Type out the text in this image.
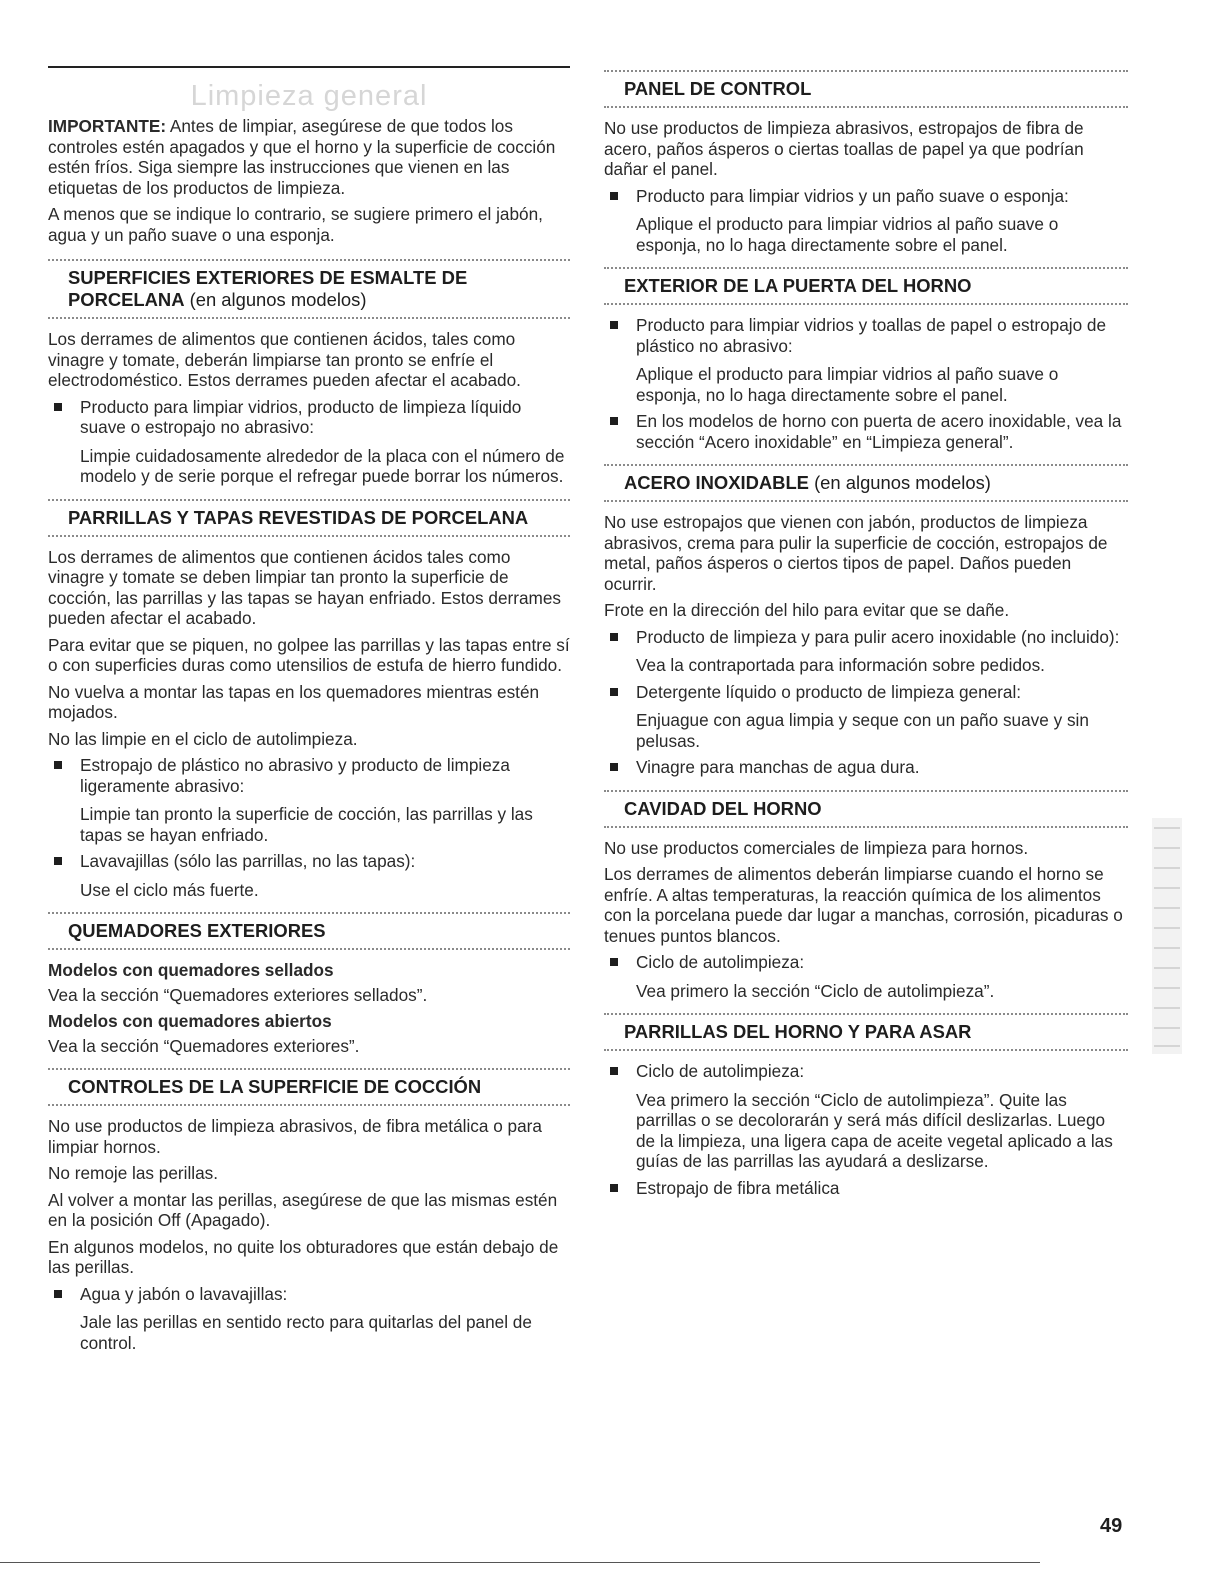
Limpieza general

IMPORTANTE: Antes de limpiar, asegúrese de que todos los controles estén apagados y que el horno y la superficie de cocción estén fríos. Siga siempre las instrucciones que vienen en las etiquetas de los productos de limpieza.

A menos que se indique lo contrario, se sugiere primero el jabón, agua y un paño suave o una esponja.

SUPERFICIES EXTERIORES DE ESMALTE DE PORCELANA (en algunos modelos)

Los derrames de alimentos que contienen ácidos, tales como vinagre y tomate, deberán limpiarse tan pronto se enfríe el electrodoméstico. Estos derrames pueden afectar el acabado.

Producto para limpiar vidrios, producto de limpieza líquido suave o estropajo no abrasivo:
Limpie cuidadosamente alrededor de la placa con el número de modelo y de serie porque el refregar puede borrar los números.
PARRILLAS Y TAPAS REVESTIDAS DE PORCELANA

Los derrames de alimentos que contienen ácidos tales como vinagre y tomate se deben limpiar tan pronto la superficie de cocción, las parrillas y las tapas se hayan enfriado. Estos derrames pueden afectar el acabado.

Para evitar que se piquen, no golpee las parrillas y las tapas entre sí o con superficies duras como utensilios de estufa de hierro fundido.

No vuelva a montar las tapas en los quemadores mientras estén mojados.

No las limpie en el ciclo de autolimpieza.

Estropajo de plástico no abrasivo y producto de limpieza ligeramente abrasivo:
Limpie tan pronto la superficie de cocción, las parrillas y las tapas se hayan enfriado.
Lavavajillas (sólo las parrillas, no las tapas):
Use el ciclo más fuerte.
QUEMADORES EXTERIORES
Modelos con quemadores sellados

Vea la sección “Quemadores exteriores sellados”.

Modelos con quemadores abiertos

Vea la sección “Quemadores exteriores”.

CONTROLES DE LA SUPERFICIE DE COCCIÓN

No use productos de limpieza abrasivos, de fibra metálica o para limpiar hornos.

No remoje las perillas.

Al volver a montar las perillas, asegúrese de que las mismas estén en la posición Off (Apagado).

En algunos modelos, no quite los obturadores que están debajo de las perillas.

Agua y jabón o lavavajillas:
Jale las perillas en sentido recto para quitarlas del panel de control.
PANEL DE CONTROL

No use productos de limpieza abrasivos, estropajos de fibra de acero, paños ásperos o ciertas toallas de papel ya que podrían dañar el panel.

Producto para limpiar vidrios y un paño suave o esponja:
Aplique el producto para limpiar vidrios al paño suave o esponja, no lo haga directamente sobre el panel.
EXTERIOR DE LA PUERTA DEL HORNO
Producto para limpiar vidrios y toallas de papel o estropajo de plástico no abrasivo:
Aplique el producto para limpiar vidrios al paño suave o esponja, no lo haga directamente sobre el panel.
En los modelos de horno con puerta de acero inoxidable, vea la sección “Acero inoxidable” en “Limpieza general”.
ACERO INOXIDABLE (en algunos modelos)

No use estropajos que vienen con jabón, productos de limpieza abrasivos, crema para pulir la superficie de cocción, estropajos de metal, paños ásperos o ciertos tipos de papel. Daños pueden ocurrir.

Frote en la dirección del hilo para evitar que se dañe.

Producto de limpieza y para pulir acero inoxidable (no incluido):
Vea la contraportada para información sobre pedidos.
Detergente líquido o producto de limpieza general:
Enjuague con agua limpia y seque con un paño suave y sin pelusas.
Vinagre para manchas de agua dura.
CAVIDAD DEL HORNO

No use productos comerciales de limpieza para hornos.

Los derrames de alimentos deberán limpiarse cuando el horno se enfríe. A altas temperaturas, la reacción química de los alimentos con la porcelana puede dar lugar a manchas, corrosión, picaduras o tenues puntos blancos.

Ciclo de autolimpieza:
Vea primero la sección “Ciclo de autolimpieza”.
PARRILLAS DEL HORNO Y PARA ASAR
Ciclo de autolimpieza:
Vea primero la sección “Ciclo de autolimpieza”. Quite las parrillas o se decolorarán y será más difícil deslizarlas. Luego de la limpieza, una ligera capa de aceite vegetal aplicado a las guías de las parrillas las ayudará a deslizarse.
Estropajo de fibra metálica
49
